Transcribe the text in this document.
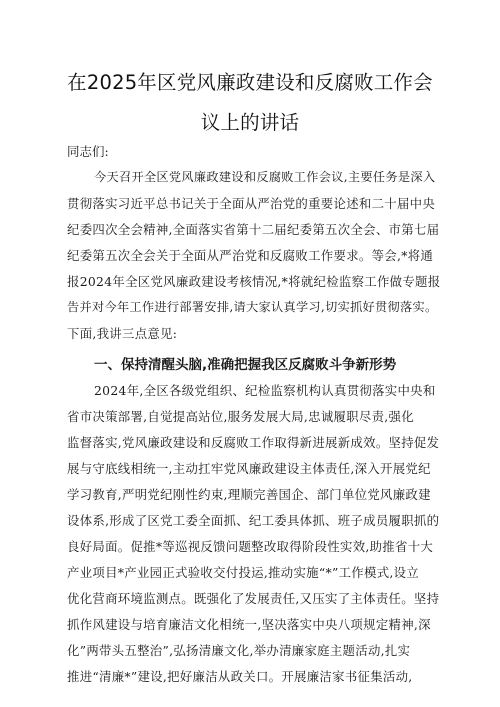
在2025年区党风廉政建设和反腐败工作会
议上的讲话
同志们:
今天召开全区党风廉政建设和反腐败工作会议,主要任务是深入
贯彻落实习近平总书记关于全面从严治党的重要论述和二十届中央
纪委四次全会精神,全面落实省第十二届纪委第五次全会、市第七届
纪委第五次全会关于全面从严治党和反腐败工作要求。等会,*将通
报2024年全区党风廉政建设考核情况,*将就纪检监察工作做专题报
告并对今年工作进行部署安排,请大家认真学习,切实抓好贯彻落实。
下面,我讲三点意见:
一、保持清醒头脑,准确把握我区反腐败斗争新形势
2024年,全区各级党组织、纪检监察机构认真贯彻落实中央和
省市决策部署,自觉提高站位,服务发展大局,忠诚履职尽责,强化
监督落实,党风廉政建设和反腐败工作取得新进展新成效。坚持促发
展与守底线相统一,主动扛牢党风廉政建设主体责任,深入开展党纪
学习教育,严明党纪刚性约束,理顺完善国企、部门单位党风廉政建
设体系,形成了区党工委全面抓、纪工委具体抓、班子成员履职抓的
良好局面。促推*等巡视反馈问题整改取得阶段性实效,助推省十大
产业项目*产业园正式验收交付投运,推动实施“*”工作模式,设立
优化营商环境监测点。既强化了发展责任,又压实了主体责任。坚持
抓作风建设与培育廉洁文化相统一,坚决落实中央八项规定精神,深
化”两带头五整治”,弘扬清廉文化,举办清廉家庭主题活动,扎实
推进“清廉*”建设,把好廉洁从政关口。开展廉洁家书征集活动,
